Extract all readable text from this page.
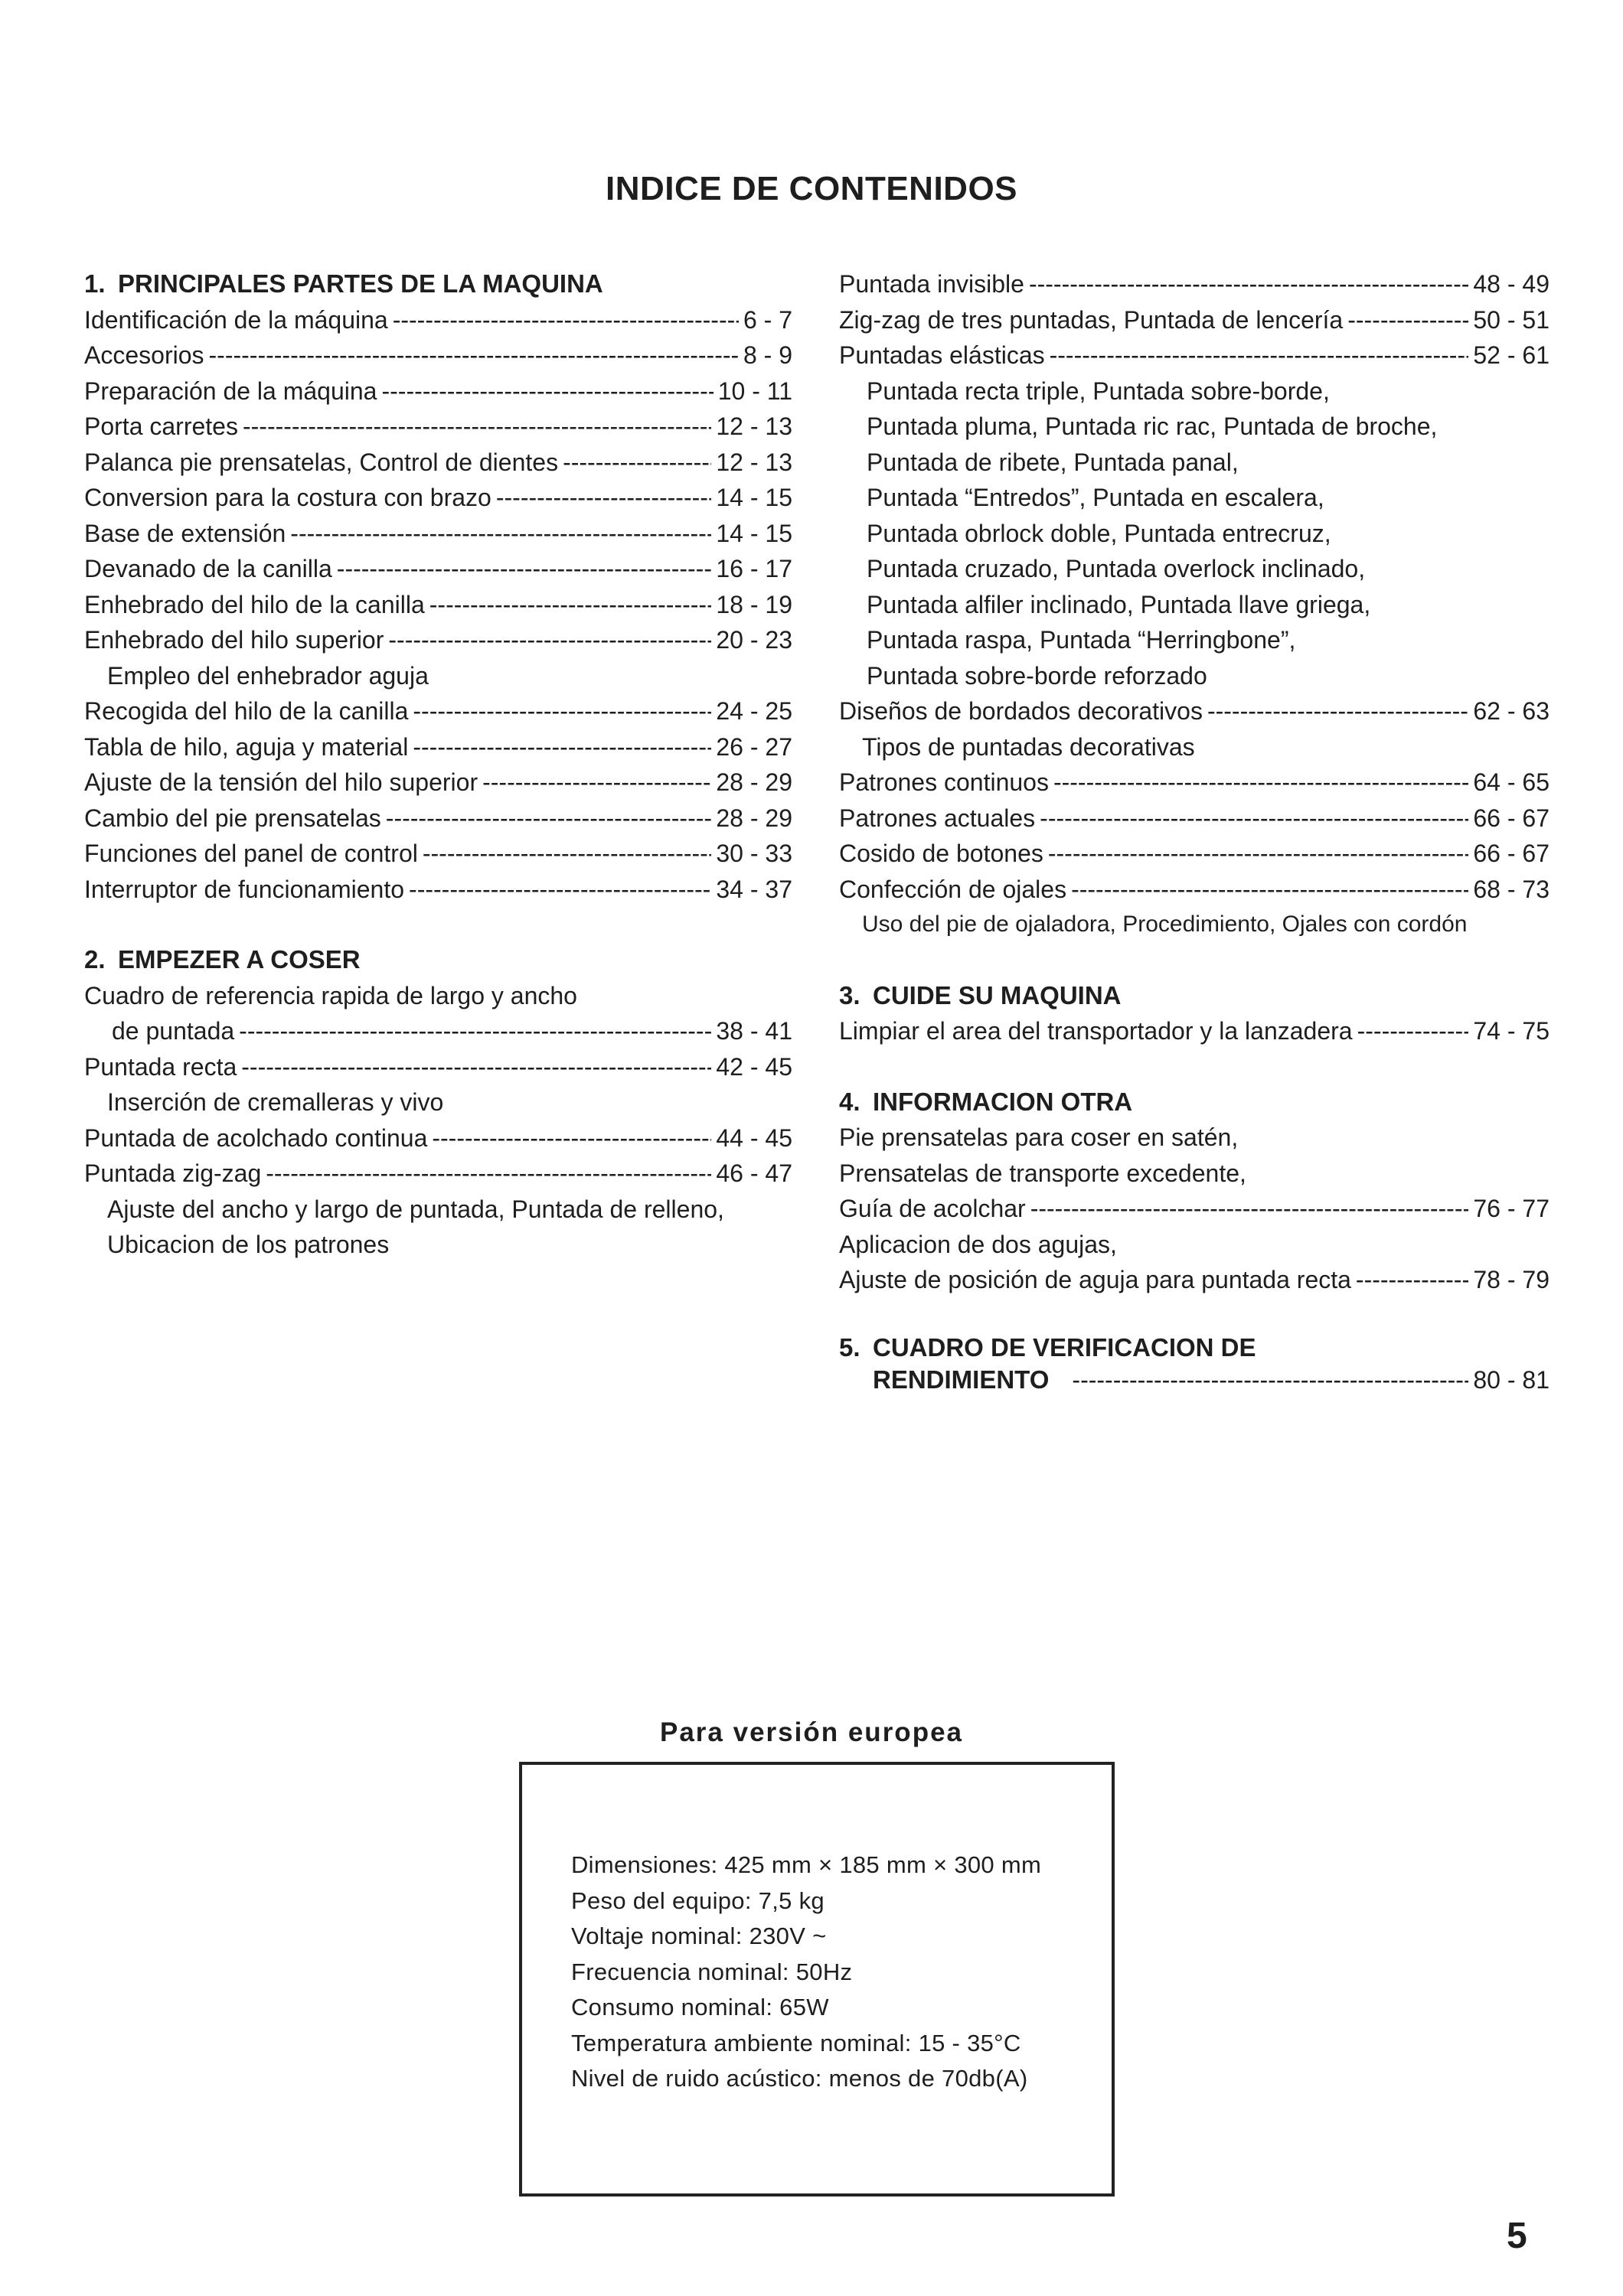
INDICE DE CONTENIDOS
1. PRINCIPALES PARTES DE LA MAQUINA
Identificación de la máquina -----	6 - 7
Accesorios -----	8 - 9
Preparación de la máquina -----	10 - 11
Porta carretes -----	12 - 13
Palanca pie prensatelas, Control de dientes -----	12 - 13
Conversion para la costura con brazo -----	14 - 15
Base de extensión -----	14 - 15
Devanado de la canilla -----	16 - 17
Enhebrado del hilo de la canilla -----	18 - 19
Enhebrado del hilo superior -----	20 - 23
Empleo del enhebrador aguja
Recogida del hilo de la canilla -----	24 - 25
Tabla de hilo, aguja y material -----	26 - 27
Ajuste de la tensión del hilo superior -----	28 - 29
Cambio del pie prensatelas -----	28 - 29
Funciones del panel de control -----	30 - 33
Interruptor de funcionamiento -----	34 - 37
2. EMPEZER A COSER
Cuadro de referencia rapida de largo y ancho
de puntada -----	38 - 41
Puntada recta -----	42 - 45
Inserción de cremalleras y vivo
Puntada de acolchado continua -----	44 - 45
Puntada zig-zag -----	46 - 47
Ajuste del ancho y largo de puntada, Puntada de relleno,
Ubicacion de los patrones
Puntada invisible -----	48 - 49
Zig-zag de tres puntadas, Puntada de lencería -----	50 - 51
Puntadas elásticas -----	52 - 61
Puntada recta triple, Puntada sobre-borde,
Puntada pluma, Puntada ric rac, Puntada de broche,
Puntada de ribete, Puntada panal,
Puntada “Entredos”, Puntada en escalera,
Puntada obrlock doble, Puntada entrecruz,
Puntada cruzado, Puntada overlock inclinado,
Puntada alfiler inclinado, Puntada llave griega,
Puntada raspa, Puntada “Herringbone”,
Puntada sobre-borde reforzado
Diseños de bordados decorativos -----	62 - 63
Tipos de puntadas decorativas
Patrones continuos -----	64 - 65
Patrones actuales -----	66 - 67
Cosido de botones -----	66 - 67
Confección de ojales -----	68 - 73
Uso del pie de ojaladora, Procedimiento, Ojales con cordón
3. CUIDE SU MAQUINA
Limpiar el area del transportador y la lanzadera -----	74 - 75
4. INFORMACION OTRA
Pie prensatelas para coser en satén,
Prensatelas de transporte excedente,
Guía de acolchar -----	76 - 77
Aplicacion de dos agujas,
Ajuste de posición de aguja para puntada recta -----	78 - 79
5. CUADRO DE VERIFICACION DE
RENDIMIENTO -----	80 - 81
Para versión europea
Dimensiones: 425 mm × 185 mm × 300 mm
Peso del equipo: 7,5 kg
Voltaje nominal: 230V ~
Frecuencia nominal: 50Hz
Consumo nominal: 65W
Temperatura ambiente nominal: 15 - 35°C
Nivel de ruido acústico: menos de 70db(A)
5
